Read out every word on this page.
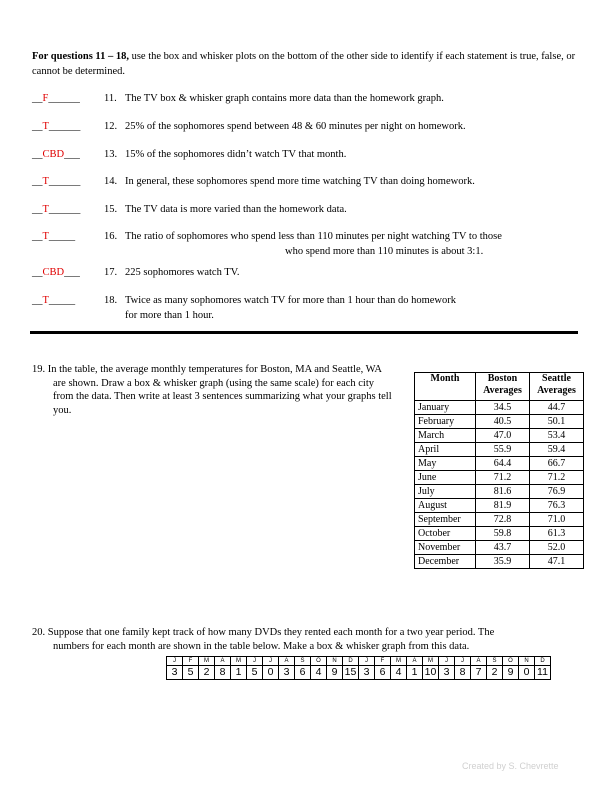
For questions 11 – 18, use the box and whisker plots on the bottom of the other side to identify if each statement is true, false, or cannot be determined.
__F______ 11. The TV box & whisker graph contains more data than the homework graph.
__T______ 12. 25% of the sophomores spend between 48 & 60 minutes per night on homework.
__CBD___ 13. 15% of the sophomores didn’t watch TV that month.
__T______ 14. In general, these sophomores spend more time watching TV than doing homework.
__T______ 15. The TV data is more varied than the homework data.
__T_____	16. The ratio of sophomores who spend less than 110 minutes per night watching TV to those
who spend more than 110 minutes is about 3:1.
__CBD___ 17. 225 sophomores watch TV.
__T_____	18. Twice as many sophomores watch TV for more than 1 hour than do homework
for more than 1 hour.
19. In the table, the average monthly temperatures for Boston, MA and Seattle, WA are shown. Draw a box & whisker graph (using the same scale) for each city from the data. Then write at least 3 sentences summarizing what your graphs tell you.
Month	Boston Averages	Seattle Averages
January	34.5	44.7
February	40.5	50.1
March	47.0	53.4
April	55.9	59.4
May	64.4	66.7
June	71.2	71.2
July	81.6	76.9
August	81.9	76.3
September	72.8	71.0
October	59.8	61.3
November	43.7	52.0
December	35.9	47.1
20. Suppose that one family kept track of how many DVDs they rented each month for a two year period. The numbers for each month are shown in the table below. Make a box & whisker graph from this data.
J	F	M	A	M	J	J	A	S	O	N	D	J	F	M	A	M	J	J	A	S	O	N	D
3	5	2	8	1	5	0	3	6	4	9	15	3	6	4	1	10	3	8	7	2	9	0	11
Created by S. Chevrette
